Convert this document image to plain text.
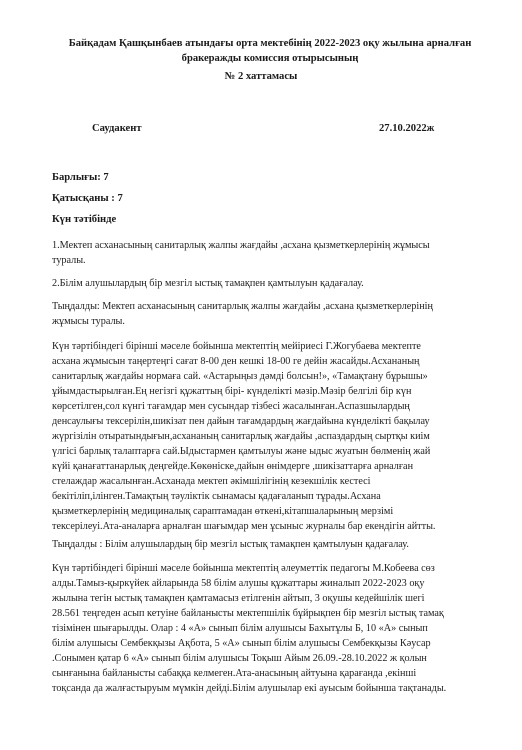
Байқадам Қашқынбаев атындағы орта мектебінің 2022-2023 оқу жылына арналған
бракеражды комиссия отырысының
№ 2 хаттамасы
Саудакент	27.10.2022ж
Барлығы: 7
Қатысқаны : 7
Күн тәтібінде
1.Мектеп асханасының санитарлық жалпы жағдайы ,асхана қызметкерлерінің жұмысы
туралы.
2.Білім алушылардың бір мезгіл ыстық тамақпен қамтылуын қадағалау.
Тыңдалды: Мектеп асханасының санитарлық жалпы жағдайы ,асхана қызметкерлерінің
жұмысы туралы.
Күн тәртібіндегі бірінші мәселе бойынша мектептің мейіриесі Г.Жогубаева мектепте
асхана жұмысын таңертеңгі сағат 8-00 ден кешкі 18-00 ге дейін жасайды.Асхананың
санитарлық жағдайы нормаға сай. «Астарыңыз дәмді болсын!», «Тамақтану бұрышы»
ұйымдастырылған.Ең негізгі құжаттың бірі- күнделікті мәзір.Мәзір белгілі бір күн
көрсетілген,сол күнгі тағамдар мен сусындар тізбесі жасалынған.Аспазшылардың
денсаулығы тексерілін,шикізат пен дайын тағамдардың жағдайына күнделікті бақылау
жүргізілін отыратындығын,асхананың санитарлық жағдайы ,аспаздардың сыртқы киім
үлгісі барлық талаптарға сай.Ыдыстармен қамтылуы және ыдыс жуатын бөлменің жай
күйі қанағаттанарлық деңгейде.Көкөніске,дайын өнімдерге ,шикізаттарға арналған
стелаждар жасалынған.Асханада мектеп әкімшілігінің кезекшілік кестесі
бекітіліп,ілінген.Тамақтың тәуліктік сынамасы қадағаланып тұрады.Асхана
қызметкерлерінің медициналық сараптамадан өткені,кітапшаларының мерзімі
тексерілеуі.Ата-аналарға арналған шағымдар мен ұсыныс журналы бар екендігін айтты.
Тыңдалды : Білім алушылардың бір мезгіл ыстық тамақпен қамтылуын қадағалау.
Күн тәртібіндегі бірінші мәселе бойынша мектептің әлеуметтік педагогы М.Кобеева сөз
алды.Тамыз-қыркүйек айларында 58 білім алушы құжаттары жиналып 2022-2023 оқу
жылына тегін ыстық тамақпен қамтамасыз етілгенін айтып, 3 оқушы кедейшілік шегі
28.561 теңгеден асып кетуіне байланысты мектепшілік бұйрықпен бір мезгіл ыстық тамақ
тізімінен шығарылды. Олар : 4 «А» сынып білім алушысы Бахытұлы Б, 10 «А» сынып
білім алушысы Сембекқызы Ақбота, 5 «А» сынып білім алушысы Сембекқызы Кәусар
.Сонымен қатар 6 «А» сынып білім алушысы Тоқыш Айым 26.09.-28.10.2022 ж қолын
сынғанына байланысты сабаққа келмеген.Ата-анасының айтуына қарағанда ,екінші
тоқсанда да жалғастыруым мүмкін дейді.Білім алушылар екі ауысым бойынша тақтанады.
